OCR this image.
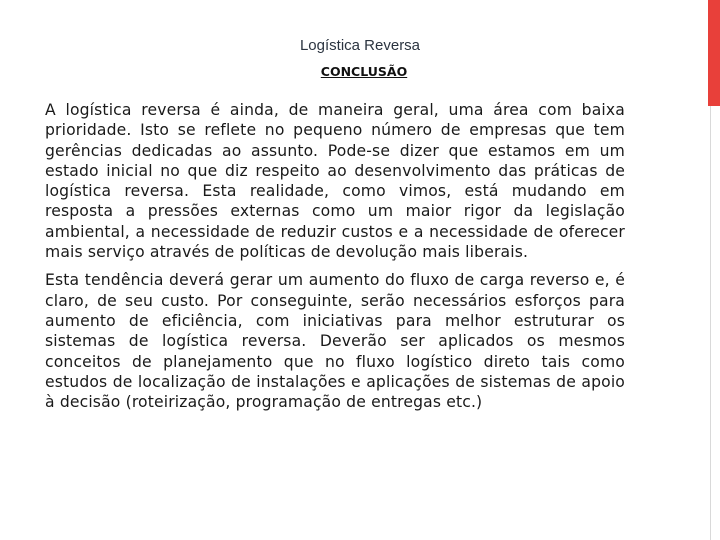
Logística Reversa
CONCLUSÃO

A logística reversa é ainda, de maneira geral, uma área com baixa prioridade. Isto se reflete no pequeno número de empresas que tem gerências dedicadas ao assunto. Pode-se dizer que estamos em um estado inicial no que diz respeito ao desenvolvimento das práticas de logística reversa. Esta realidade, como vimos, está mudando em resposta a pressões externas como um maior rigor da legislação ambiental, a necessidade de reduzir custos e a necessidade de oferecer mais serviço através de políticas de devolução mais liberais.

Esta tendência deverá gerar um aumento do fluxo de carga reverso e, é claro, de seu custo. Por conseguinte, serão necessários esforços para aumento de eficiência, com iniciativas para melhor estruturar os sistemas de logística reversa. Deverão ser aplicados os mesmos conceitos de planejamento que no fluxo logístico direto tais como estudos de localização de instalações e aplicações de sistemas de apoio à decisão (roteirização, programação de entregas etc.)
